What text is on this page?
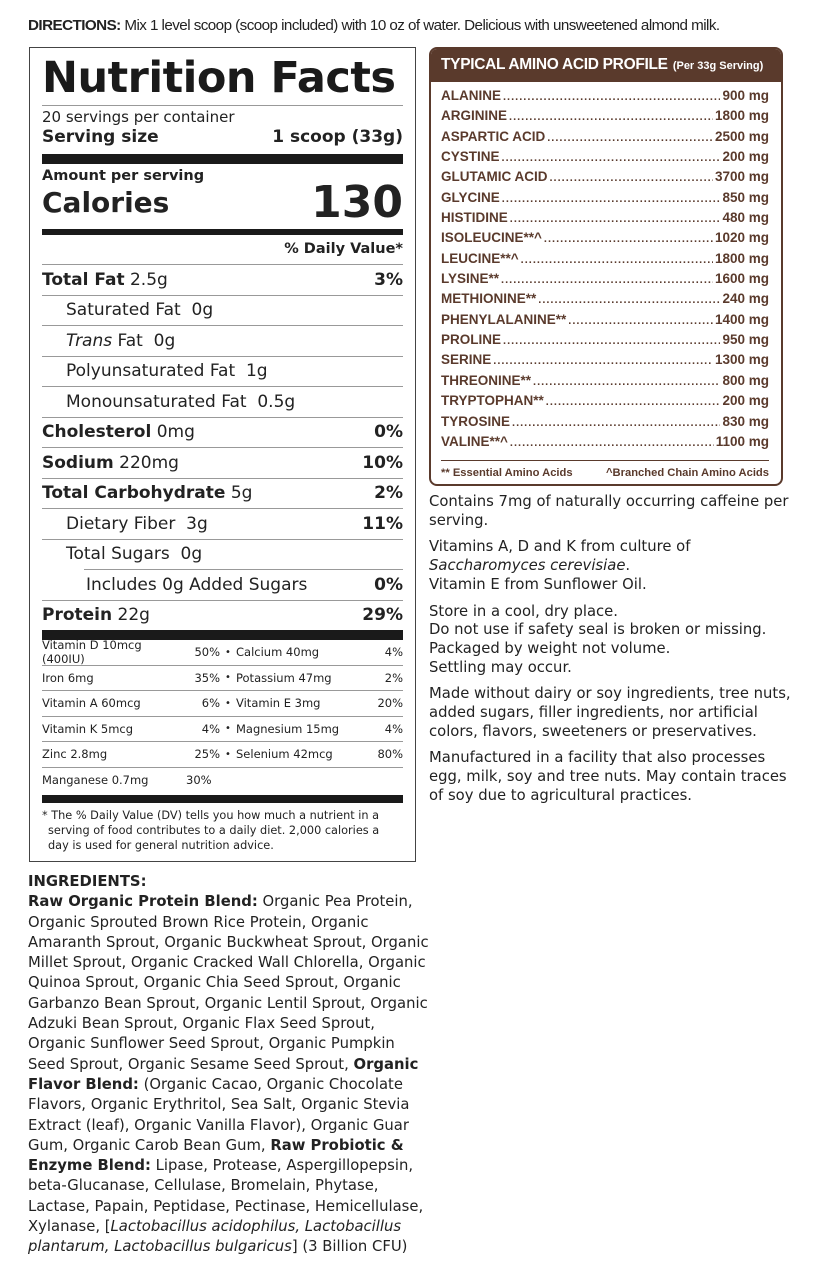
DIRECTIONS: Mix 1 level scoop (scoop included) with 10 oz of water. Delicious with unsweetened almond milk.
Nutrition Facts
20 servings per container
Serving size	1 scoop (33g)
Amount per serving
Calories	130
% Daily Value*
Total Fat 2.5g	3%
Saturated Fat 0g
Trans Fat 0g
Polyunsaturated Fat 1g
Monounsaturated Fat 0.5g
Cholesterol 0mg	0%
Sodium 220mg	10%
Total Carbohydrate 5g	2%
Dietary Fiber 3g	11%
Total Sugars 0g
Includes 0g Added Sugars	0%
Protein 22g	29%
Vitamin D 10mcg (400IU)	50% • Calcium 40mg	4%
Iron 6mg	35% • Potassium 47mg	2%
Vitamin A 60mcg	6% • Vitamin E 3mg	20%
Vitamin K 5mcg	4% • Magnesium 15mg	4%
Zinc 2.8mg	25% • Selenium 42mcg	80%
Manganese 0.7mg	30%
* The % Daily Value (DV) tells you how much a nutrient in a serving of food contributes to a daily diet. 2,000 calories a day is used for general nutrition advice.
TYPICAL AMINO ACID PROFILE (Per 33g Serving)
ALANINE .....	900 mg
ARGININE .....	1800 mg
ASPARTIC ACID .....	2500 mg
CYSTINE .....	200 mg
GLUTAMIC ACID .....	3700 mg
GLYCINE .....	850 mg
HISTIDINE .....	480 mg
ISOLEUCINE**^ .....	1020 mg
LEUCINE**^ .....	1800 mg
LYSINE** .....	1600 mg
METHIONINE** .....	240 mg
PHENYLALANINE** .....	1400 mg
PROLINE .....	950 mg
SERINE .....	1300 mg
THREONINE** .....	800 mg
TRYPTOPHAN** .....	200 mg
TYROSINE .....	830 mg
VALINE**^ .....	1100 mg
** Essential Amino Acids	^Branched Chain Amino Acids

Contains 7mg of naturally occurring caffeine per serving.

Vitamins A, D and K from culture of Saccharomyces cerevisiae.
Vitamin E from Sunflower Oil.

Store in a cool, dry place.
Do not use if safety seal is broken or missing.
Packaged by weight not volume.
Settling may occur.

Made without dairy or soy ingredients, tree nuts, added sugars, filler ingredients, nor artificial colors, flavors, sweeteners or preservatives.

Manufactured in a facility that also processes egg, milk, soy and tree nuts. May contain traces of soy due to agricultural practices.

INGREDIENTS:
Raw Organic Protein Blend: Organic Pea Protein, Organic Sprouted Brown Rice Protein, Organic Amaranth Sprout, Organic Buckwheat Sprout, Organic Millet Sprout, Organic Cracked Wall Chlorella, Organic Quinoa Sprout, Organic Chia Seed Sprout, Organic Garbanzo Bean Sprout, Organic Lentil Sprout, Organic Adzuki Bean Sprout, Organic Flax Seed Sprout, Organic Sunflower Seed Sprout, Organic Pumpkin Seed Sprout, Organic Sesame Seed Sprout, Organic Flavor Blend: (Organic Cacao, Organic Chocolate Flavors, Organic Erythritol, Sea Salt, Organic Stevia Extract (leaf), Organic Vanilla Flavor), Organic Guar Gum, Organic Carob Bean Gum, Raw Probiotic & Enzyme Blend: Lipase, Protease, Aspergillopepsin, beta-Glucanase, Cellulase, Bromelain, Phytase, Lactase, Papain, Peptidase, Pectinase, Hemicellulase, Xylanase, [Lactobacillus acidophilus, Lactobacillus plantarum, Lactobacillus bulgaricus] (3 Billion CFU)
